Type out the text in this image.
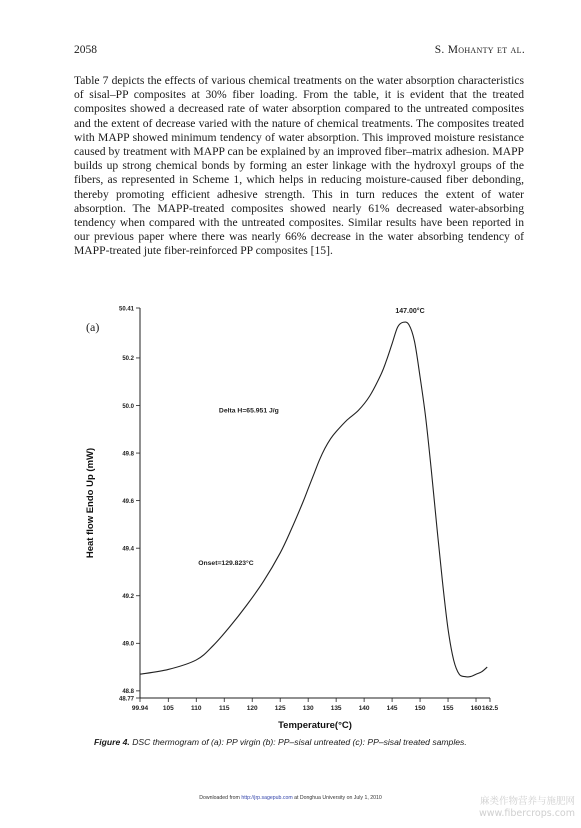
2058	S. Mohanty et al.

Table 7 depicts the effects of various chemical treatments on the water absorption characteristics of sisal–PP composites at 30% fiber loading. From the table, it is evident that the treated composites showed a decreased rate of water absorption compared to the untreated composites and the extent of decrease varied with the nature of chemical treatments. The composites treated with MAPP showed minimum tendency of water absorption. This improved moisture resistance caused by treatment with MAPP can be explained by an improved fiber–matrix adhesion. MAPP builds up strong chemical bonds by forming an ester linkage with the hydroxyl groups of the fibers, as represented in Scheme 1, which helps in reducing moisture-caused fiber debonding, thereby promoting efficient adhesive strength. This in turn reduces the extent of water absorption. The MAPP-treated composites showed nearly 61% decreased water-absorbing tendency when compared with the untreated composites. Similar results have been reported in our previous paper where there was nearly 66% decrease in the water absorbing tendency of MAPP-treated jute fiber-reinforced PP composites [15].

99.94 105	110	115	120	125	130	135	140	145	150	155	160 162.5
48.77
48.8
49.0
49.2
49.4
49.6
49.8
50.0
50.2
50.41
Temperature(°C)
Heat flow Endo Up (mW)
147.00°C
Delta H=65.951 J/g
Onset=129.823°C
(a)
Figure 4. DSC thermogram of (a): PP virgin (b): PP–sisal untreated (c): PP–sisal treated samples.
Downloaded from http://jrp.sagepub.com at Donghua University on July 1, 2010	麻类作物营养与施肥网
www.fibercrops.com
